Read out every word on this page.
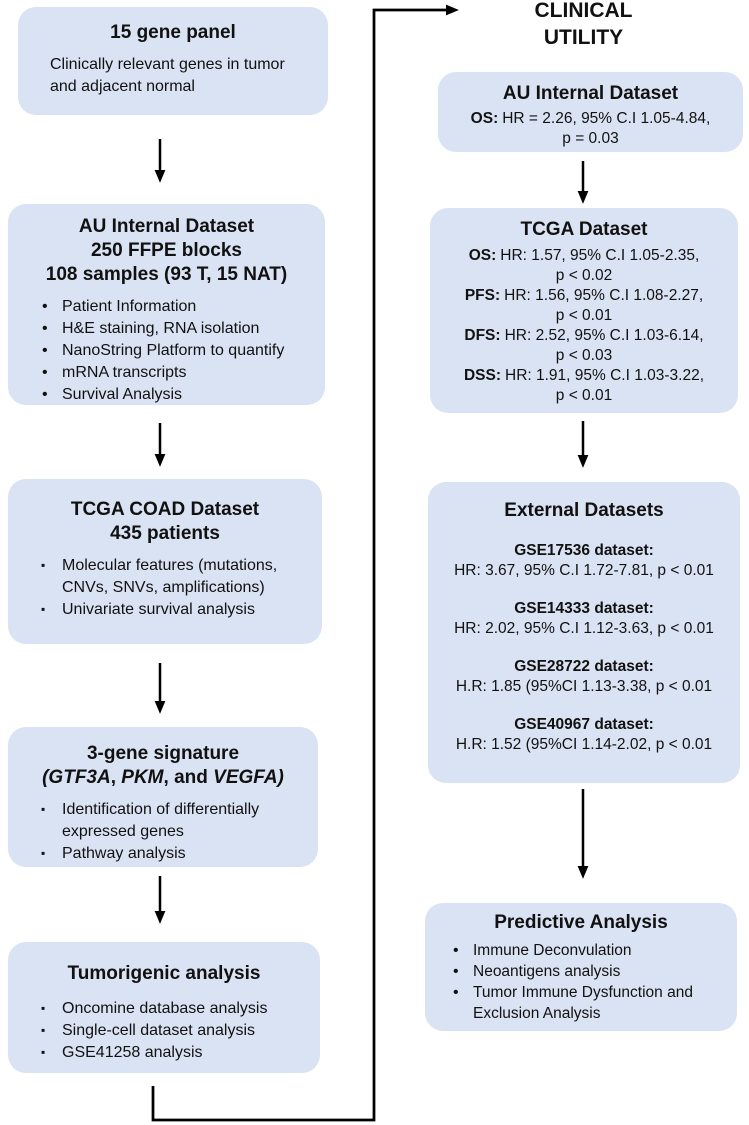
CLINICAL
UTILITY
15 gene panel
Clinically relevant genes in tumor and adjacent normal
AU Internal Dataset
250 FFPE blocks
108 samples (93 T, 15 NAT)
• Patient Information
• H&E staining, RNA isolation
• NanoString Platform to quantify
• mRNA transcripts
• Survival Analysis
TCGA COAD Dataset
435 patients
▪ Molecular features (mutations, CNVs, SNVs, amplifications)
▪ Univariate survival analysis
3-gene signature
(GTF3A, PKM, and VEGFA)
▪ Identification of differentially expressed genes
▪ Pathway analysis
Tumorigenic analysis
▪ Oncomine database analysis
▪ Single-cell dataset analysis
▪ GSE41258 analysis
AU Internal Dataset
OS: HR = 2.26, 95% C.I 1.05-4.84,
p = 0.03
TCGA Dataset
OS: HR: 1.57, 95% C.I 1.05-2.35,
p < 0.02
PFS: HR: 1.56, 95% C.I 1.08-2.27,
p < 0.01
DFS: HR: 2.52, 95% C.I 1.03-6.14,
p < 0.03
DSS: HR: 1.91, 95% C.I 1.03-3.22,
p < 0.01
External Datasets
GSE17536 dataset:
HR: 3.67, 95% C.I 1.72-7.81, p < 0.01
GSE14333 dataset:
HR: 2.02, 95% C.I 1.12-3.63, p < 0.01
GSE28722 dataset:
H.R: 1.85 (95%CI 1.13-3.38, p < 0.01
GSE40967 dataset:
H.R: 1.52 (95%CI 1.14-2.02, p < 0.01
Predictive Analysis
• Immune Deconvulation
• Neoantigens analysis
• Tumor Immune Dysfunction and Exclusion Analysis
